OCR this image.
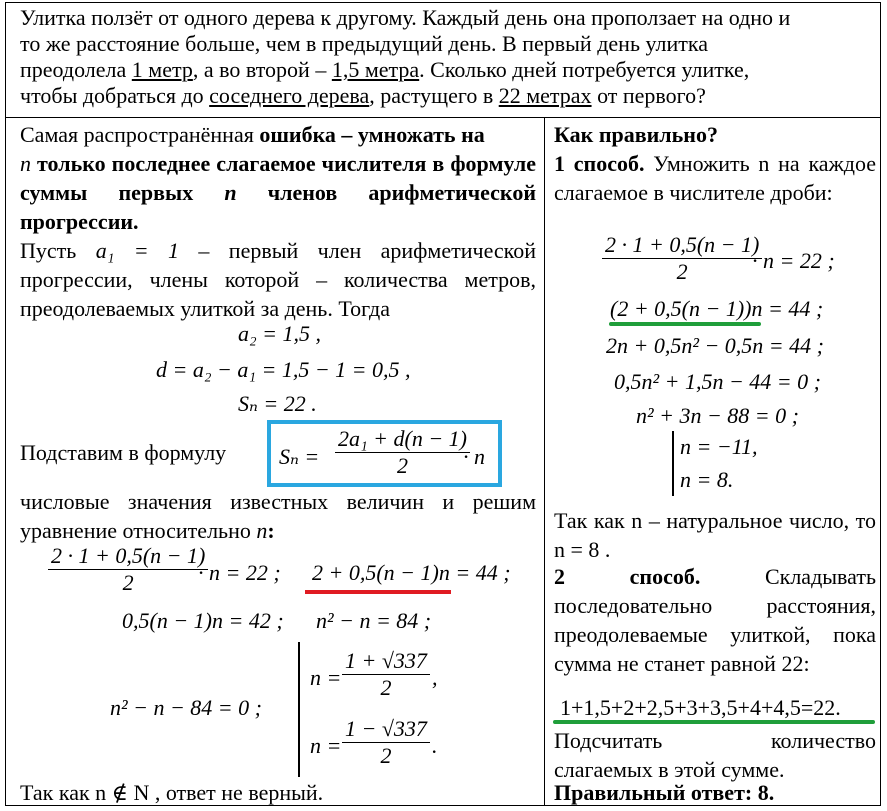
Улитка ползёт от одного дерева к другому. Каждый день она проползает на одно и

то же расстояние больше, чем в предыдущий день. В первый день улитка

преодолела 1 метр, а во второй – 1,5 метра. Сколько дней потребуется улитке,

чтобы добраться до соседнего дерева, растущего в 22 метрах от первого?

Самая распространённая ошибка – умножать на
n только последнее слагаемое числителя в формуле суммы первых n членов арифметической прогрессии.

Пусть a₁ = 1 – первый член арифметической прогрессии, члены которой – количества метров, преодолеваемых улиткой за день. Тогда

a₂ = 1,5 ,
d = a₂ − a₁ = 1,5 − 1 = 0,5 ,
Sₙ = 22 .
Подставим в формулу $S_n = \frac{\text{2a₁ + d(n − 1)}}{2}$
· n
числовые значения известных величин и решим уравнение относительно n:
$\frac{2 \cdot 1 + 0,5(n - 1)}{2}$
· n = 22 ; 2 + 0,5(n − 1)n = 44 ;
0,5(n − 1)n = 42 ; n² − n = 84 ;
n² − n − 84 = 0 ;
$n = \frac{1 + √337}{2}$ ,
$n = \frac{1 - √337}{2}$ .
Так как n ∉ N , ответ не верный.

Как правильно?

1 способ. Умножить n на каждое слагаемое в числителе дроби:

$\frac{2 \cdot 1 + 0,5(n - 1)}{2}$
· n = 22 ;
(2 + 0,5(n − 1))n = 44 ;
2n + 0,5n² − 0,5n = 44 ;
0,5n² + 1,5n − 44 = 0 ;
n² + 3n − 88 = 0 ;
n = −11,
n = 8.
Так как n – натуральное число, то n = 8 .
2 способ. Складывать последовательно расстояния, преодолеваемые улиткой, пока сумма не станет равной 22:
1+1,5+2+2,5+3+3,5+4+4,5=22.
Подсчитать количество слагаемых в этой сумме.
Правильный ответ: 8.
